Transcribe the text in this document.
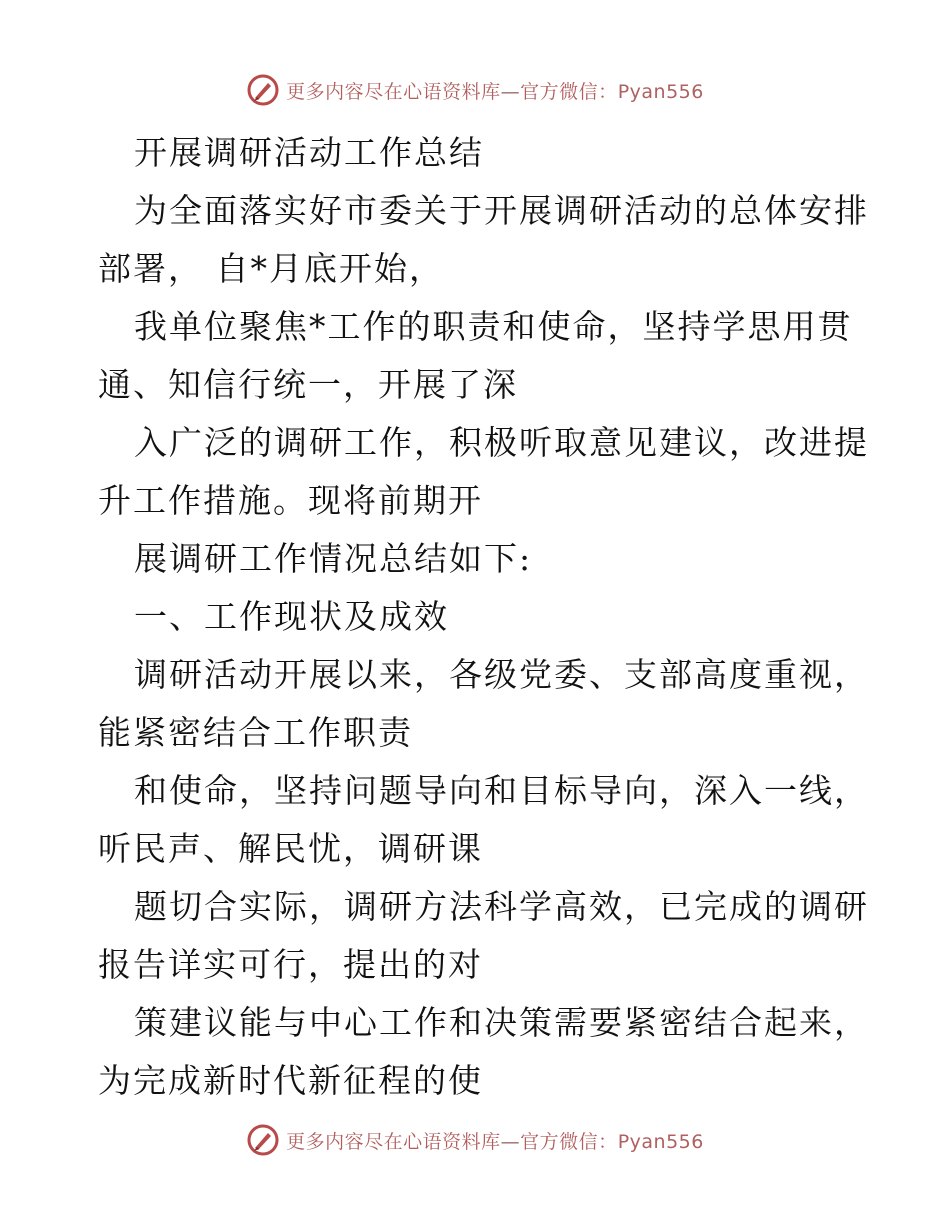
更多内容尽在心语资料库—官方微信：Pyan556
开展调研活动工作总结
为全面落实好市委关于开展调研活动的总体安排
部署， 自*月底开始，
我单位聚焦*工作的职责和使命，坚持学思用贯
通、知信行统一，开展了深
入广泛的调研工作，积极听取意见建议，改进提
升工作措施。现将前期开
展调研工作情况总结如下:
一、工作现状及成效
调研活动开展以来，各级党委、支部高度重视，
能紧密结合工作职责
和使命，坚持问题导向和目标导向，深入一线，
听民声、解民忧，调研课
题切合实际，调研方法科学高效，已完成的调研
报告详实可行，提出的对
策建议能与中心工作和决策需要紧密结合起来，
为完成新时代新征程的使
更多内容尽在心语资料库—官方微信：Pyan556
